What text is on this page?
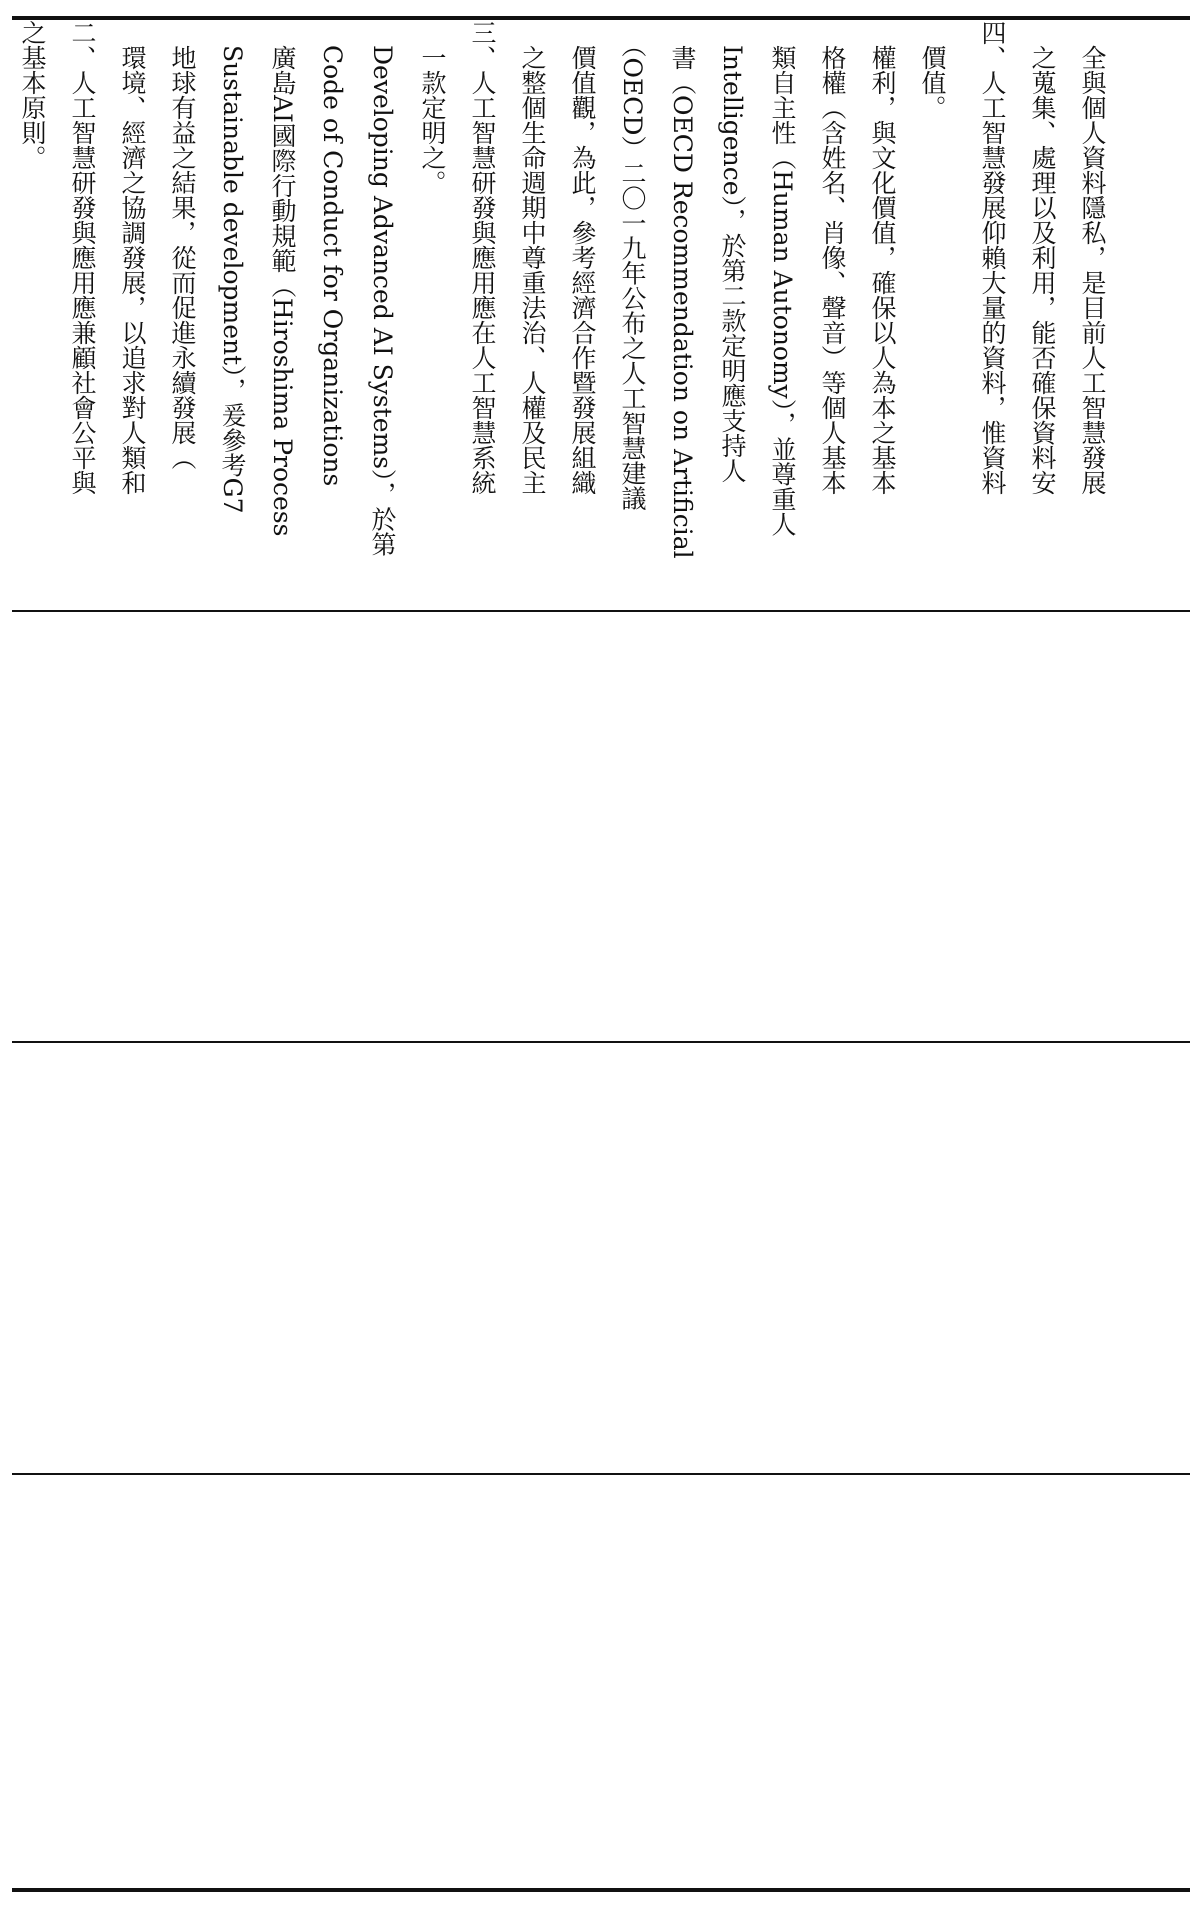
之基本原則。 二、人工智慧研發與應用應兼顧社會公平與 　環境、經濟之協調發展，以追求對人類和 　地球有益之結果，從而促進永續發展（ 　Sustainable development），爰參考G7 　廣島AI國際行動規範（Hiroshima Process 　Code of Conduct for Organizations 　Developing Advanced AI Systems），於第 　一款定明之。 三、人工智慧研發與應用應在人工智慧系統 　之整個生命週期中尊重法治、人權及民主 　價值觀，為此，參考經濟合作暨發展組織 　（OECD）二〇一九年公布之人工智慧建議 　書（OECD Recommendation on Artificial 　Intelligence），於第二款定明應支持人 　類自主性（Human Autonomy），並尊重人 　格權（含姓名、肖像、聲音）等個人基本 　權利，與文化價值，確保以人為本之基本 　價值。 四、人工智慧發展仰賴大量的資料，惟資料 　之蒐集、處理以及利用，能否確保資料安 　全與個人資料隱私，是目前人工智慧發展
